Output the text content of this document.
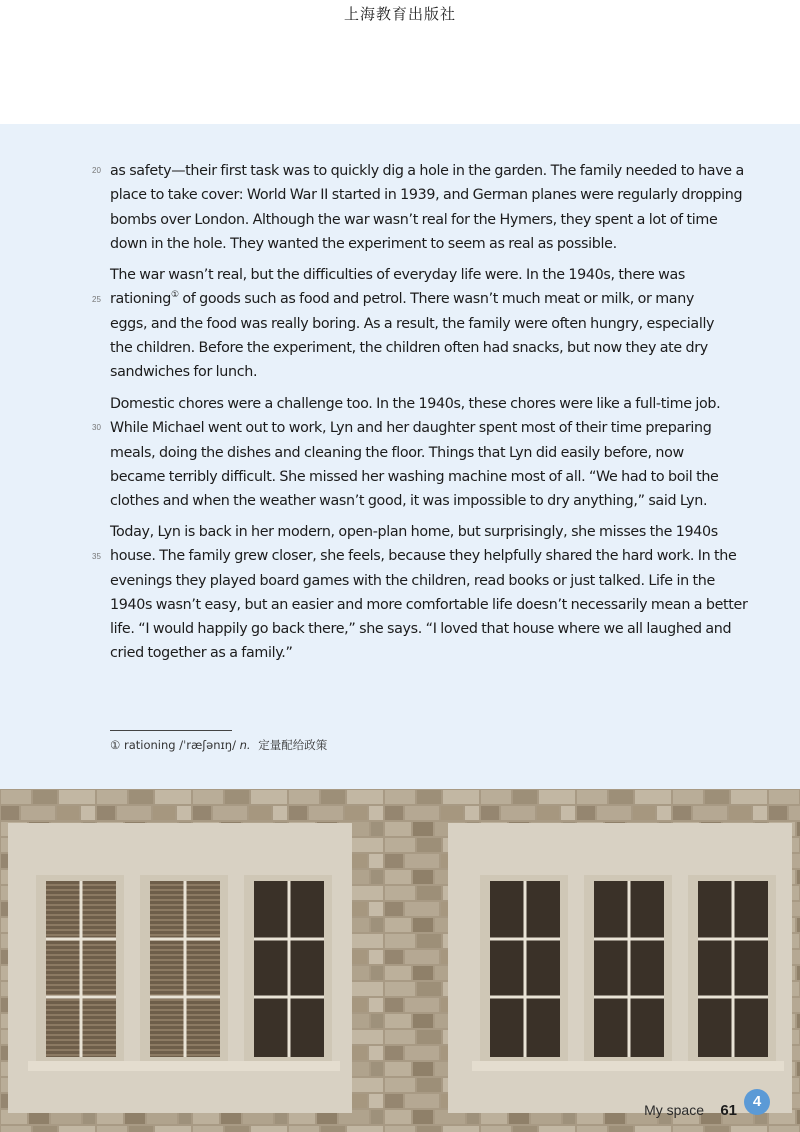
上海教育出版社
20
25
30
35

as safety—their first task was to quickly dig a hole in the garden. The family needed to have a
place to take cover: World War II started in 1939, and German planes were regularly dropping
bombs over London. Although the war wasn’t real for the Hymers, they spent a lot of time
down in the hole. They wanted the experiment to seem as real as possible.

The war wasn’t real, but the difficulties of everyday life were. In the 1940s, there was
rationing① of goods such as food and petrol. There wasn’t much meat or milk, or many
eggs, and the food was really boring. As a result, the family were often hungry, especially
the children. Before the experiment, the children often had snacks, but now they ate dry
sandwiches for lunch.

Domestic chores were a challenge too. In the 1940s, these chores were like a full-time job.
While Michael went out to work, Lyn and her daughter spent most of their time preparing
meals, doing the dishes and cleaning the floor. Things that Lyn did easily before, now
became terribly difficult. She missed her washing machine most of all. “We had to boil the
clothes and when the weather wasn’t good, it was impossible to dry anything,” said Lyn.

Today, Lyn is back in her modern, open-plan home, but surprisingly, she misses the 1940s
house. The family grew closer, she feels, because they helpfully shared the hard work. In the
evenings they played board games with the children, read books or just talked. Life in the
1940s wasn’t easy, but an easier and more comfortable life doesn’t necessarily mean a better
life. “I would happily go back there,” she says. “I loved that house where we all laughed and
cried together as a family.”

① rationing /ˈræʃənɪŋ/ n. 定量配给政策
My space 61
4
